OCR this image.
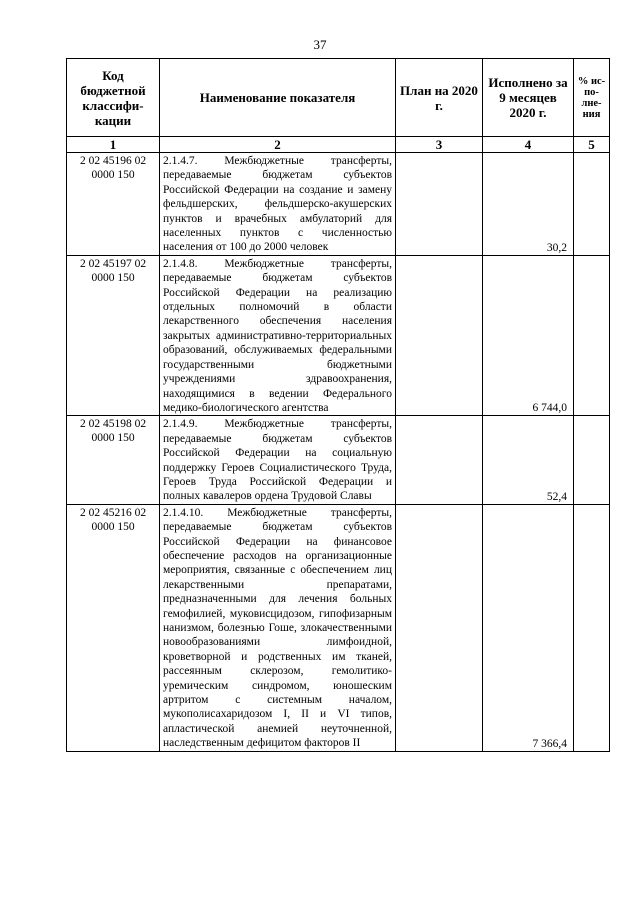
37
Код бюджетной классифи- кации	Наименование показателя	План на 2020 г.	Исполнено за 9 месяцев 2020 г.	% ис- по- лне- ния
1	2	3	4	5
2 02 45196 02 0000 150	2.1.4.7. Межбюджетные трансферты, передаваемые бюджетам субъектов Российской Федерации на создание и замену фельдшерских, фельдшерско-акушерских пунктов и врачебных амбулаторий для населенных пунктов с численностью населения от 100 до 2000 человек		30,2	
2 02 45197 02 0000 150	2.1.4.8. Межбюджетные трансферты, передаваемые бюджетам субъектов Российской Федерации на реализацию отдельных полномочий в области лекарственного обеспечения населения закрытых административно-территориальных образований, обслуживаемых федеральными государственными бюджетными учреждениями здравоохранения, находящимися в ведении Федерального медико-биологического агентства		6 744,0	
2 02 45198 02 0000 150	2.1.4.9. Межбюджетные трансферты, передаваемые бюджетам субъектов Российской Федерации на социальную поддержку Героев Социалистического Труда, Героев Труда Российской Федерации и полных кавалеров ордена Трудовой Славы		52,4	
2 02 45216 02 0000 150	2.1.4.10. Межбюджетные трансферты, передаваемые бюджетам субъектов Российской Федерации на финансовое обеспечение расходов на организационные мероприятия, связанные с обеспечением лиц лекарственными препаратами, предназначенными для лечения больных гемофилией, муковисцидозом, гипофизарным нанизмом, болезнью Гоше, злокачественными новообразованиями лимфоидной, кроветворной и родственных им тканей, рассеянным склерозом, гемолитико-уремическим синдромом, юношеским артритом с системным началом, мукополисахаридозом I, II и VI типов, апластической анемией неуточненной, наследственным дефицитом факторов II		7 366,4	
